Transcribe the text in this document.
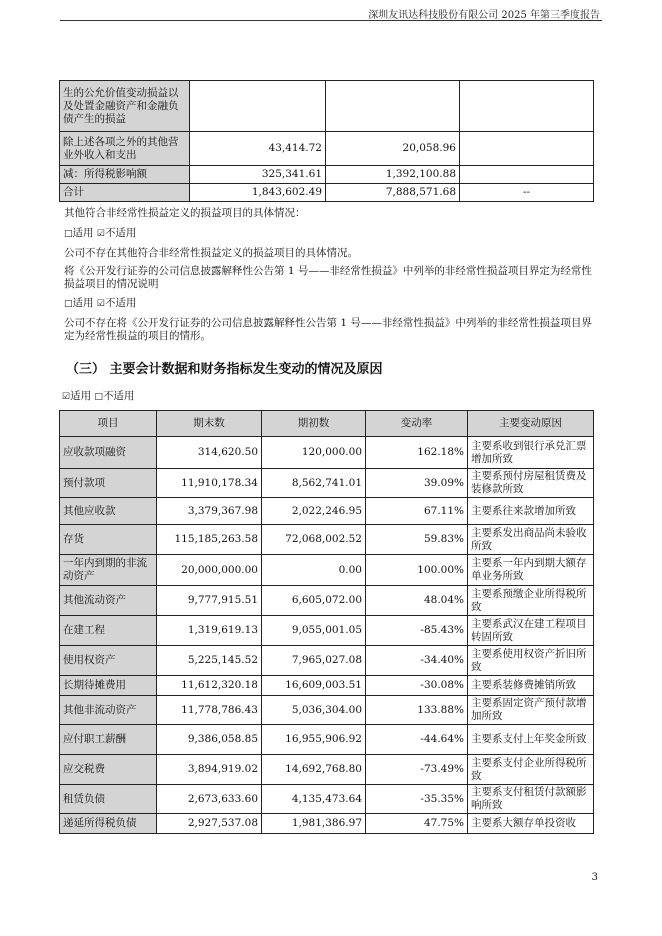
深圳友讯达科技股份有限公司 2025 年第三季度报告
生的公允价值变动损益以及处置金融资产和金融负债产生的损益			
除上述各项之外的其他营业外收入和支出	43,414.72	20,058.96	
减：所得税影响额	325,341.61	1,392,100.88	
合计	1,843,602.49	7,888,571.68	--

其他符合非经常性损益定义的损益项目的具体情况：

□适用 ☑不适用

公司不存在其他符合非经常性损益定义的损益项目的具体情况。

将《公开发行证券的公司信息披露解释性公告第 1 号——非经常性损益》中列举的非经常性损益项目界定为经常性损益项目的情况说明

□适用 ☑不适用

公司不存在将《公开发行证券的公司信息披露解释性公告第 1 号——非经常性损益》中列举的非经常性损益项目界定为经常性损益的项目的情形。

（三） 主要会计数据和财务指标发生变动的情况及原因

☑适用 □不适用

项目	期末数	期初数	变动率	主要变动原因
应收款项融资	314,620.50	120,000.00	162.18%	主要系收到银行承兑汇票增加所致
预付款项	11,910,178.34	8,562,741.01	39.09%	主要系预付房屋租赁费及装修款所致
其他应收款	3,379,367.98	2,022,246.95	67.11%	主要系往来款增加所致
存货	115,185,263.58	72,068,002.52	59.83%	主要系发出商品尚未验收所致
一年内到期的非流动资产	20,000,000.00	0.00	100.00%	主要系一年内到期大额存单业务所致
其他流动资产	9,777,915.51	6,605,072.00	48.04%	主要系预缴企业所得税所致
在建工程	1,319,619.13	9,055,001.05	-85.43%	主要系武汉在建工程项目转固所致
使用权资产	5,225,145.52	7,965,027.08	-34.40%	主要系使用权资产折旧所致
长期待摊费用	11,612,320.18	16,609,003.51	-30.08%	主要系装修费摊销所致
其他非流动资产	11,778,786.43	5,036,304.00	133.88%	主要系固定资产预付款增加所致
应付职工薪酬	9,386,058.85	16,955,906.92	-44.64%	主要系支付上年奖金所致
应交税费	3,894,919.02	14,692,768.80	-73.49%	主要系支付企业所得税所致
租赁负债	2,673,633.60	4,135,473.64	-35.35%	主要系支付租赁付款额影响所致
递延所得税负债	2,927,537.08	1,981,386.97	47.75%	主要系大额存单投资收
3
